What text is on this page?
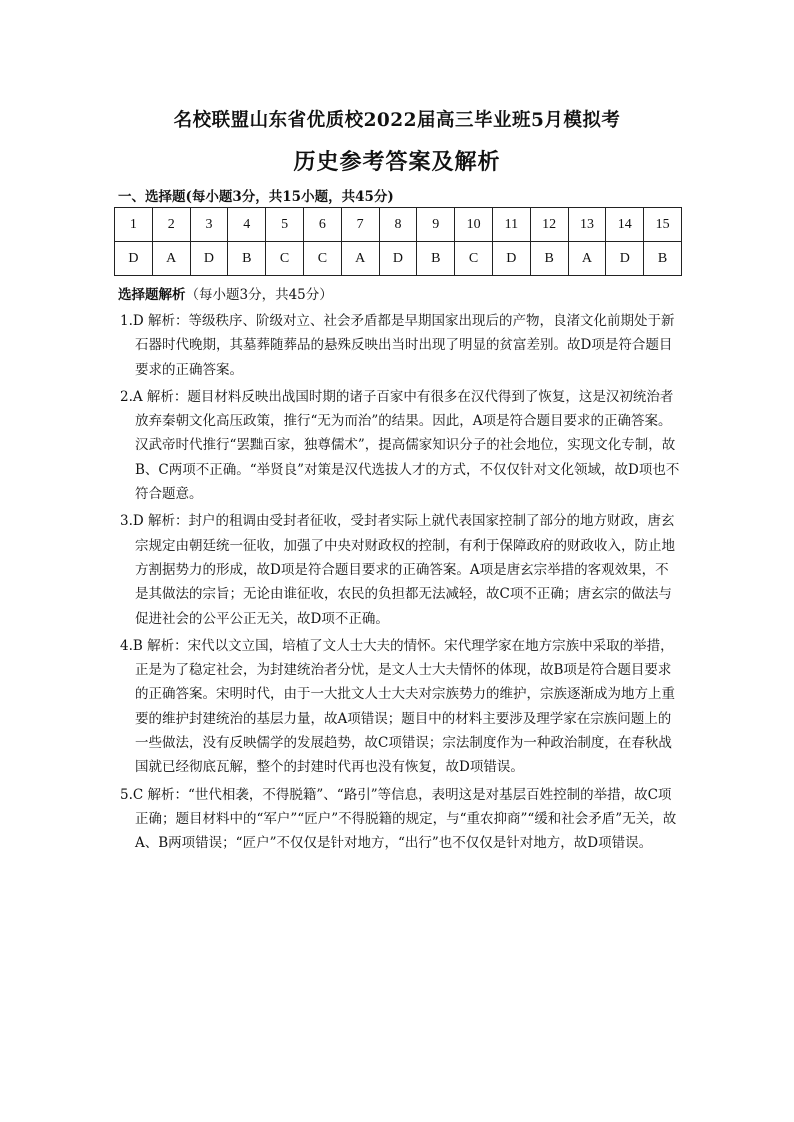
名校联盟山东省优质校2022届高三毕业班5月模拟考
历史参考答案及解析
一、选择题(每小题3分，共15小题，共45分)
1	2	3	4	5	6	7	8	9	10	11	12	13	14	15
D	A	D	B	C	C	A	D	B	C	D	B	A	D	B
选择题解析（每小题3分，共45分）
1.D 解析：等级秩序、阶级对立、社会矛盾都是早期国家出现后的产物，良渚文化前期处于新石器时代晚期，其墓葬随葬品的悬殊反映出当时出现了明显的贫富差别。故D项是符合题目要求的正确答案。
2.A 解析：题目材料反映出战国时期的诸子百家中有很多在汉代得到了恢复，这是汉初统治者放弃秦朝文化高压政策，推行“无为而治”的结果。因此，A项是符合题目要求的正确答案。汉武帝时代推行“罢黜百家，独尊儒术”，提高儒家知识分子的社会地位，实现文化专制，故B、C两项不正确。“举贤良”对策是汉代选拔人才的方式，不仅仅针对文化领域，故D项也不符合题意。
3.D 解析：封户的租调由受封者征收，受封者实际上就代表国家控制了部分的地方财政，唐玄宗规定由朝廷统一征收，加强了中央对财政权的控制，有利于保障政府的财政收入，防止地方割据势力的形成，故D项是符合题目要求的正确答案。A项是唐玄宗举措的客观效果，不是其做法的宗旨；无论由谁征收，农民的负担都无法减轻，故C项不正确；唐玄宗的做法与促进社会的公平公正无关，故D项不正确。
4.B 解析：宋代以文立国，培植了文人士大夫的情怀。宋代理学家在地方宗族中采取的举措，正是为了稳定社会，为封建统治者分忧，是文人士大夫情怀的体现，故B项是符合题目要求的正确答案。宋明时代，由于一大批文人士大夫对宗族势力的维护，宗族逐渐成为地方上重要的维护封建统治的基层力量，故A项错误；题目中的材料主要涉及理学家在宗族问题上的一些做法，没有反映儒学的发展趋势，故C项错误；宗法制度作为一种政治制度，在春秋战国就已经彻底瓦解，整个的封建时代再也没有恢复，故D项错误。
5.C 解析：“世代相袭，不得脱籍”、“路引”等信息，表明这是对基层百姓控制的举措，故C项正确；题目材料中的“军户”“匠户”不得脱籍的规定，与“重农抑商”“缓和社会矛盾”无关，故A、B两项错误；“匠户”不仅仅是针对地方，“出行”也不仅仅是针对地方，故D项错误。
